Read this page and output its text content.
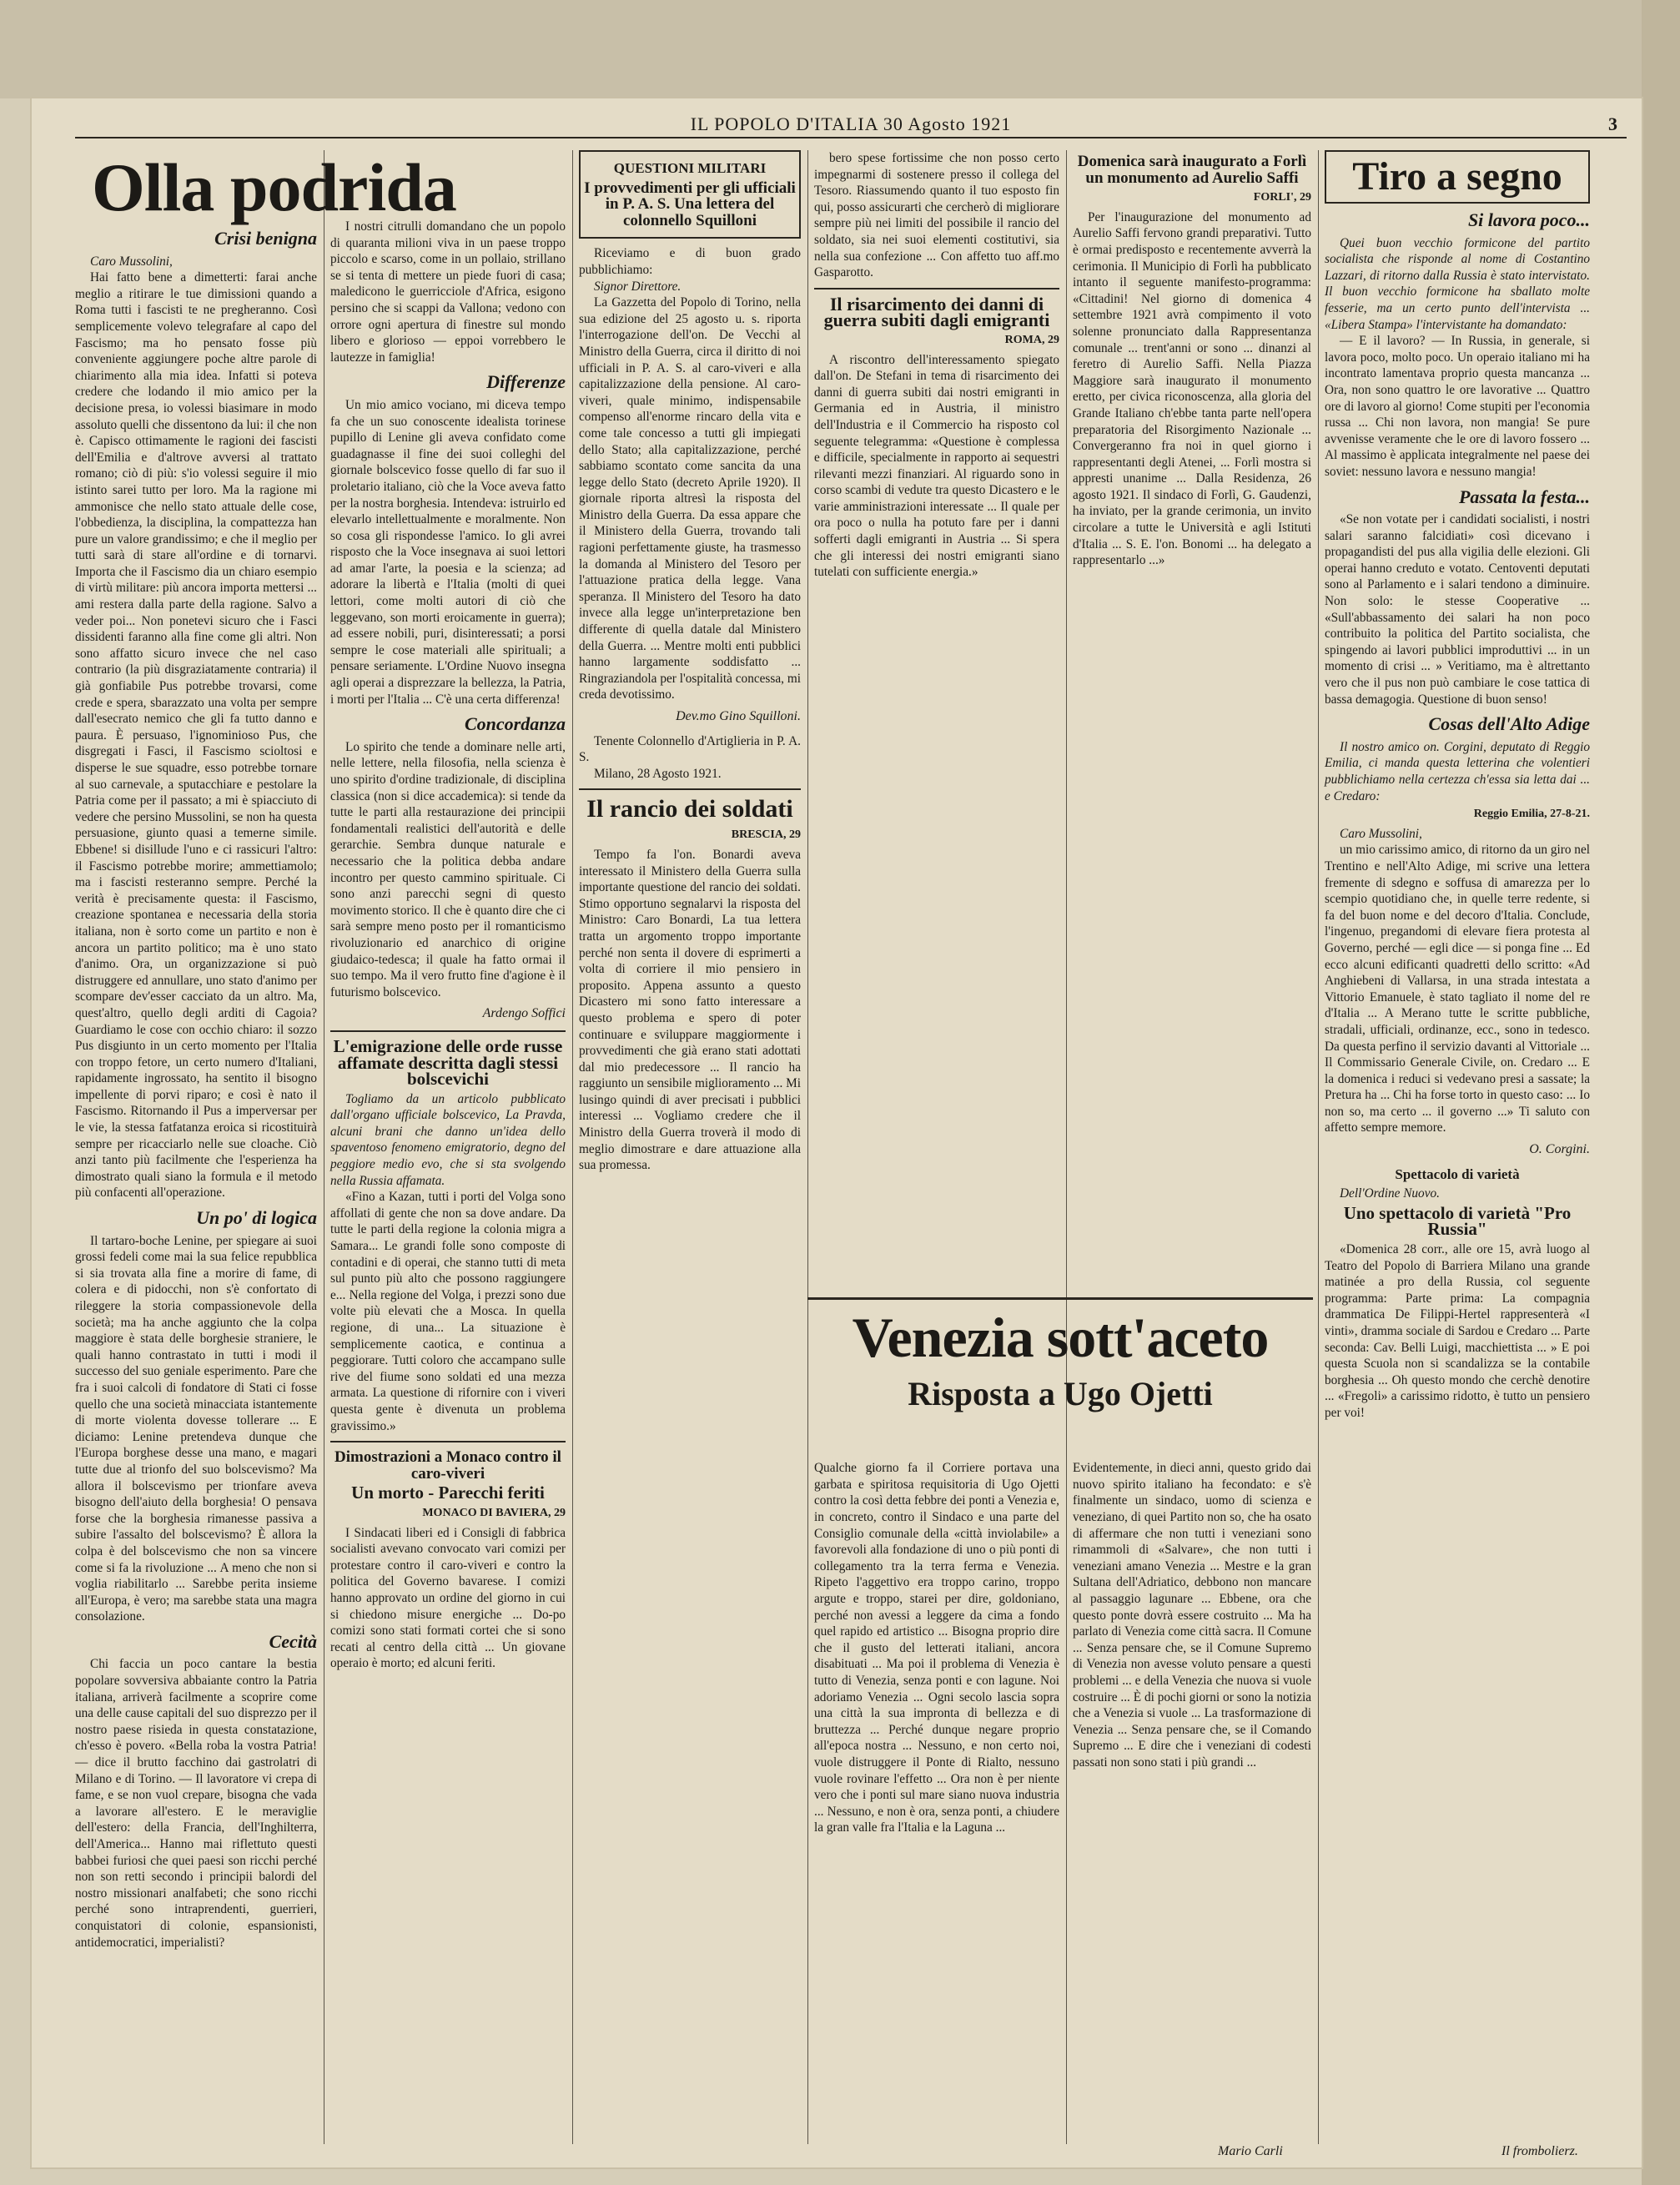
IL POPOLO D'ITALIA 30 Agosto 1921	3
Olla podrida
Crisi benigna

Caro Mussolini,

Hai fatto bene a dimetterti: farai anche meglio a ritirare le tue dimissioni quando a Roma tutti i fascisti te ne pregheranno. Così semplicemente volevo telegrafare al capo del Fascismo; ma ho pensato fosse più conveniente aggiungere poche altre parole di chiarimento alla mia idea. Infatti si poteva credere che lodando il mio amico per la decisione presa, io volessi biasimare in modo assoluto quelli che dissentono da lui: il che non è. Capisco ottimamente le ragioni dei fascisti dell'Emilia e d'altrove avversi al trattato romano; ciò di più: s'io volessi seguire il mio istinto sarei tutto per loro. Ma la ragione mi ammonisce che nello stato attuale delle cose, l'obbedienza, la disciplina, la compattezza han pure un valore grandissimo; e che il meglio per tutti sarà di stare all'ordine e di tornarvi. Importa che il Fascismo dia un chiaro esempio di virtù militare: più ancora importa mettersi ... ami restera dalla parte della ragione. Salvo a veder poi... Non ponetevi sicuro che i Fasci dissidenti faranno alla fine come gli altri. Non sono affatto sicuro invece che nel caso contrario (la più disgraziatamente contraria) il già gonfiabile Pus potrebbe trovarsi, come crede e spera, sbarazzato una volta per sempre dall'esecrato nemico che gli fa tutto danno e paura. È persuaso, l'ignominioso Pus, che disgregati i Fasci, il Fascismo scioltosi e disperse le sue squadre, esso potrebbe tornare al suo carnevale, a sputacchiare e pestolare la Patria come per il passato; a mi è spiacciuto di vedere che persino Mussolini, se non ha questa persuasione, giunto quasi a temerne simile. Ebbene! si disillude l'uno e ci rassicuri l'altro: il Fascismo potrebbe morire; ammettiamolo; ma i fascisti resteranno sempre. Perché la verità è precisamente questa: il Fascismo, creazione spontanea e necessaria della storia italiana, non è sorto come un partito e non è ancora un partito politico; ma è uno stato d'animo. Ora, un organizzazione si può distruggere ed annullare, uno stato d'animo per scompare dev'esser cacciato da un altro. Ma, quest'altro, quello degli arditi di Cagoia? Guardiamo le cose con occhio chiaro: il sozzo Pus disgiunto in un certo momento per l'Italia con troppo fetore, un certo numero d'Italiani, rapidamente ingrossato, ha sentito il bisogno impellente di porvi riparo; e così è nato il Fascismo. Ritornando il Pus a imperversar per le vie, la stessa fatfatanza eroica si ricostituirà sempre per ricacciarlo nelle sue cloache. Ciò anzi tanto più facilmente che l'esperienza ha dimostrato quali siano la formula e il metodo più confacenti all'operazione.

Un po' di logica

Il tartaro-boche Lenine, per spiegare ai suoi grossi fedeli come mai la sua felice repubblica si sia trovata alla fine a morire di fame, di colera e di pidocchi, non s'è confortato di rileggere la storia compassionevole della società; ma ha anche aggiunto che la colpa maggiore è stata delle borghesie straniere, le quali hanno contrastato in tutti i modi il successo del suo geniale esperimento. Pare che fra i suoi calcoli di fondatore di Stati ci fosse quello che una società minacciata istantemente di morte violenta dovesse tollerare ... E diciamo: Lenine pretendeva dunque che l'Europa borghese desse una mano, e magari tutte due al trionfo del suo bolscevismo? Ma allora il bolscevismo per trionfare aveva bisogno dell'aiuto della borghesia! O pensava forse che la borghesia rimanesse passiva a subire l'assalto del bolscevismo? È allora la colpa è del bolscevismo che non sa vincere come si fa la rivoluzione ... A meno che non si voglia riabilitarlo ... Sarebbe perita insieme all'Europa, è vero; ma sarebbe stata una magra consolazione.

Cecità

Chi faccia un poco cantare la bestia popolare sovversiva abbaiante contro la Patria italiana, arriverà facilmente a scoprire come una delle cause capitali del suo disprezzo per il nostro paese risieda in questa constatazione, ch'esso è povero. «Bella roba la vostra Patria! — dice il brutto facchino dai gastrolatri di Milano e di Torino. — Il lavoratore vi crepa di fame, e se non vuol crepare, bisogna che vada a lavorare all'estero. E le meraviglie dell'estero: della Francia, dell'Inghilterra, dell'America... Hanno mai riflettuto questi babbei furiosi che quei paesi son ricchi perché non son retti secondo i principii balordi del nostro missionari analfabeti; che sono ricchi perché sono intraprendenti, guerrieri, conquistatori di colonie, espansionisti, antidemocratici, imperialisti?

I nostri citrulli domandano che un popolo di quaranta milioni viva in un paese troppo piccolo e scarso, come in un pollaio, strillano se si tenta di mettere un piede fuori di casa; maledicono le guerricciole d'Africa, esigono persino che si scappi da Vallona; vedono con orrore ogni apertura di finestre sul mondo libero e glorioso — eppoi vorrebbero le lautezze in famiglia!

Differenze

Un mio amico vociano, mi diceva tempo fa che un suo conoscente idealista torinese pupillo di Lenine gli aveva confidato come guadagnasse il fine dei suoi colleghi del giornale bolscevico fosse quello di far suo il proletario italiano, ciò che la Voce aveva fatto per la nostra borghesia. Intendeva: istruirlo ed elevarlo intellettualmente e moralmente. Non so cosa gli rispondesse l'amico. Io gli avrei risposto che la Voce insegnava ai suoi lettori ad amar l'arte, la poesia e la scienza; ad adorare la libertà e l'Italia (molti di quei lettori, come molti autori di ciò che leggevano, son morti eroicamente in guerra); ad essere nobili, puri, disinteressati; a porsi sempre le cose materiali alle spirituali; a pensare seriamente. L'Ordine Nuovo insegna agli operai a disprezzare la bellezza, la Patria, i morti per l'Italia ... C'è una certa differenza!

Concordanza

Lo spirito che tende a dominare nelle arti, nelle lettere, nella filosofia, nella scienza è uno spirito d'ordine tradizionale, di disciplina classica (non si dice accademica): si tende da tutte le parti alla restaurazione dei principii fondamentali realistici dell'autorità e delle gerarchie. Sembra dunque naturale e necessario che la politica debba andare incontro per questo cammino spirituale. Ci sono anzi parecchi segni di questo movimento storico. Il che è quanto dire che ci sarà sempre meno posto per il romanticismo rivoluzionario ed anarchico di origine giudaico-tedesca; il quale ha fatto ormai il suo tempo. Ma il vero frutto fine d'agione è il futurismo bolscevico.

Ardengo Soffici
L'emigrazione delle orde russe affamate descritta dagli stessi bolscevichi

Togliamo da un articolo pubblicato dall'organo ufficiale bolscevico, La Pravda, alcuni brani che danno un'idea dello spaventoso fenomeno emigratorio, degno del peggiore medio evo, che si sta svolgendo nella Russia affamata.

«Fino a Kazan, tutti i porti del Volga sono affollati di gente che non sa dove andare. Da tutte le parti della regione la colonia migra a Samara... Le grandi folle sono composte di contadini e di operai, che stanno tutti di meta sul punto più alto che possono raggiungere e... Nella regione del Volga, i prezzi sono due volte più elevati che a Mosca. In quella regione, di una... La situazione è semplicemente caotica, e continua a peggiorare. Tutti coloro che accampano sulle rive del fiume sono soldati ed una mezza armata. La questione di rifornire con i viveri questa gente è divenuta un problema gravissimo.»

Dimostrazioni a Monaco contro il caro-viveri
Un morto - Parecchi feriti
MONACO DI BAVIERA, 29

I Sindacati liberi ed i Consigli di fabbrica socialisti avevano convocato vari comizi per protestare contro il caro-viveri e contro la politica del Governo bavarese. I comizi hanno approvato un ordine del giorno in cui si chiedono misure energiche ... Do-po comizi sono stati formati cortei che si sono recati al centro della città ... Un giovane operaio è morto; ed alcuni feriti.

QUESTIONI MILITARI
I provvedimenti per gli ufficiali in P. A. S. Una lettera del colonnello Squilloni

Riceviamo e di buon grado pubblichiamo:

Signor Direttore.

La Gazzetta del Popolo di Torino, nella sua edizione del 25 agosto u. s. riporta l'interrogazione dell'on. De Vecchi al Ministro della Guerra, circa il diritto di noi ufficiali in P. A. S. al caro-viveri e alla capitalizzazione della pensione. Al caro-viveri, quale minimo, indispensabile compenso all'enorme rincaro della vita e come tale concesso a tutti gli impiegati dello Stato; alla capitalizzazione, perché sabbiamo scontato come sancita da una legge dello Stato (decreto Aprile 1920). Il giornale riporta altresì la risposta del Ministro della Guerra. Da essa appare che il Ministero della Guerra, trovando tali ragioni perfettamente giuste, ha trasmesso la domanda al Ministero del Tesoro per l'attuazione pratica della legge. Vana speranza. Il Ministero del Tesoro ha dato invece alla legge un'interpretazione ben differente di quella datale dal Ministero della Guerra. ... Mentre molti enti pubblici hanno largamente soddisfatto ... Ringraziandola per l'ospitalità concessa, mi creda devotissimo.

Dev.mo Gino Squilloni.

Tenente Colonnello d'Artiglieria in P. A. S.

Milano, 28 Agosto 1921.

Il rancio dei soldati
BRESCIA, 29

Tempo fa l'on. Bonardi aveva interessato il Ministero della Guerra sulla importante questione del rancio dei soldati. Stimo opportuno segnalarvi la risposta del Ministro: Caro Bonardi, La tua lettera tratta un argomento troppo importante perché non senta il dovere di esprimerti a volta di corriere il mio pensiero in proposito. Appena assunto a questo Dicastero mi sono fatto interessare a questo problema e spero di poter continuare e sviluppare maggiormente i provvedimenti che già erano stati adottati dal mio predecessore ... Il rancio ha raggiunto un sensibile miglioramento ... Mi lusingo quindi di aver precisati i pubblici interessi ... Vogliamo credere che il Ministro della Guerra troverà il modo di meglio dimostrare e dare attuazione alla sua promessa.

bero spese fortissime che non posso certo impegnarmi di sostenere presso il collega del Tesoro. Riassumendo quanto il tuo esposto fin qui, posso assicurarti che cercherò di migliorare sempre più nei limiti del possibile il rancio del soldato, sia nei suoi elementi costitutivi, sia nella sua confezione ... Con affetto tuo aff.mo Gasparotto.

Il risarcimento dei danni di guerra subiti dagli emigranti
ROMA, 29

A riscontro dell'interessamento spiegato dall'on. De Stefani in tema di risarcimento dei danni di guerra subiti dai nostri emigranti in Germania ed in Austria, il ministro dell'Industria e il Commercio ha risposto col seguente telegramma: «Questione è complessa e difficile, specialmente in rapporto ai sequestri rilevanti mezzi finanziari. Al riguardo sono in corso scambi di vedute tra questo Dicastero e le varie amministrazioni interessate ... Il quale per ora poco o nulla ha potuto fare per i danni sofferti dagli emigranti in Austria ... Si spera che gli interessi dei nostri emigranti siano tutelati con sufficiente energia.»

Domenica sarà inaugurato a Forlì un monumento ad Aurelio Saffi
FORLI', 29

Per l'inaugurazione del monumento ad Aurelio Saffi fervono grandi preparativi. Tutto è ormai predisposto e recentemente avverrà la cerimonia. Il Municipio di Forlì ha pubblicato intanto il seguente manifesto-programma: «Cittadini! Nel giorno di domenica 4 settembre 1921 avrà compimento il voto solenne pronunciato dalla Rappresentanza comunale ... trent'anni or sono ... dinanzi al feretro di Aurelio Saffi. Nella Piazza Maggiore sarà inaugurato il monumento eretto, per civica riconoscenza, alla gloria del Grande Italiano ch'ebbe tanta parte nell'opera preparatoria del Risorgimento Nazionale ... Convergeranno fra noi in quel giorno i rappresentanti degli Atenei, ... Forlì mostra si appresti unanime ... Dalla Residenza, 26 agosto 1921. Il sindaco di Forlì, G. Gaudenzi, ha inviato, per la grande cerimonia, un invito circolare a tutte le Università e agli Istituti d'Italia ... S. E. l'on. Bonomi ... ha delegato a rappresentarlo ...»

Venezia sott'aceto
Risposta a Ugo Ojetti

Qualche giorno fa il Corriere portava una garbata e spiritosa requisitoria di Ugo Ojetti contro la così detta febbre dei ponti a Venezia e, in concreto, contro il Sindaco e una parte del Consiglio comunale della «città inviolabile» a favorevoli alla fondazione di uno o più ponti di collegamento tra la terra ferma e Venezia. Ripeto l'aggettivo era troppo carino, troppo argute e troppo, starei per dire, goldoniano, perché non avessi a leggere da cima a fondo quel rapido ed artistico ... Bisogna proprio dire che il gusto del letterati italiani, ancora disabituati ... Ma poi il problema di Venezia è tutto di Venezia, senza ponti e con lagune. Noi adoriamo Venezia ... Ogni secolo lascia sopra una città la sua impronta di bellezza e di bruttezza ... Perché dunque negare proprio all'epoca nostra ... Nessuno, e non certo noi, vuole distruggere il Ponte di Rialto, nessuno vuole rovinare l'effetto ... Ora non è per niente vero che i ponti sul mare siano nuova industria ... Nessuno, e non è ora, senza ponti, a chiudere la gran valle fra l'Italia e la Laguna ...

Evidentemente, in dieci anni, questo grido dai nuovo spirito italiano ha fecondato: e s'è finalmente un sindaco, uomo di scienza e veneziano, di quei Partito non so, che ha osato di affermare che non tutti i veneziani sono rimammoli di «Salvare», che non tutti i veneziani amano Venezia ... Mestre e la gran Sultana dell'Adriatico, debbono non mancare al passaggio lagunare ... Ebbene, ora che questo ponte dovrà essere costruito ... Ma ha parlato di Venezia come città sacra. Il Comune ... Senza pensare che, se il Comune Supremo di Venezia non avesse voluto pensare a questi problemi ... e della Venezia che nuova si vuole costruire ... È di pochi giorni or sono la notizia che a Venezia si vuole ... La trasformazione di Venezia ... Senza pensare che, se il Comando Supremo ... E dire che i veneziani di codesti passati non sono stati i più grandi ...

Mario Carli
Tiro a segno
Si lavora poco...

Quei buon vecchio formicone del partito socialista che risponde al nome di Costantino Lazzari, di ritorno dalla Russia è stato intervistato. Il buon vecchio formicone ha sballato molte fesserie, ma un certo punto dell'intervista ... «Libera Stampa» l'intervistante ha domandato:

— E il lavoro? — In Russia, in generale, si lavora poco, molto poco. Un operaio italiano mi ha incontrato lamentava proprio questa mancanza ... Ora, non sono quattro le ore lavorative ... Quattro ore di lavoro al giorno! Come stupiti per l'economia russa ... Chi non lavora, non mangia! Se pure avvenisse veramente che le ore di lavoro fossero ... Al massimo è applicata integralmente nel paese dei soviet: nessuno lavora e nessuno mangia!

Passata la festa...

«Se non votate per i candidati socialisti, i nostri salari saranno falcidiati» così dicevano i propagandisti del pus alla vigilia delle elezioni. Gli operai hanno creduto e votato. Centoventi deputati sono al Parlamento e i salari tendono a diminuire. Non solo: le stesse Cooperative ... «Sull'abbassamento dei salari ha non poco contribuito la politica del Partito socialista, che spingendo ai lavori pubblici improduttivi ... in un momento di crisi ... » Veritiamo, ma è altrettanto vero che il pus non può cambiare le cose tattica di bassa demagogia. Questione di buon senso!

Cosas dell'Alto Adige

Il nostro amico on. Corgini, deputato di Reggio Emilia, ci manda questa letterina che volentieri pubblichiamo nella certezza ch'essa sia letta dai ... e Credaro:

Reggio Emilia, 27-8-21.

Caro Mussolini,

un mio carissimo amico, di ritorno da un giro nel Trentino e nell'Alto Adige, mi scrive una lettera fremente di sdegno e soffusa di amarezza per lo scempio quotidiano che, in quelle terre redente, si fa del buon nome e del decoro d'Italia. Conclude, l'ingenuo, pregandomi di elevare fiera protesta al Governo, perché — egli dice — si ponga fine ... Ed ecco alcuni edificanti quadretti dello scritto: «Ad Anghiebeni di Vallarsa, in una strada intestata a Vittorio Emanuele, è stato tagliato il nome del re d'Italia ... A Merano tutte le scritte pubbliche, stradali, ufficiali, ordinanze, ecc., sono in tedesco. Da questa perfino il servizio davanti al Vittoriale ... Il Commissario Generale Civile, on. Credaro ... E la domenica i reduci si vedevano presi a sassate; la Pretura ha ... Chi ha forse torto in questo caso: ... Io non so, ma certo ... il governo ...» Ti saluto con affetto sempre memore.

O. Corgini.
Spettacolo di varietà

Dell'Ordine Nuovo.

Uno spettacolo di varietà "Pro Russia"

«Domenica 28 corr., alle ore 15, avrà luogo al Teatro del Popolo di Barriera Milano una grande matinée a pro della Russia, col seguente programma: Parte prima: La compagnia drammatica De Filippi-Hertel rappresenterà «I vinti», dramma sociale di Sardou e Credaro ... Parte seconda: Cav. Belli Luigi, macchiettista ... » E poi questa Scuola non si scandalizza se la contabile borghesia ... Oh questo mondo che cerchè denotire ... «Fregoli» a carissimo ridotto, è tutto un pensiero per voi!

Il frombolierz.
